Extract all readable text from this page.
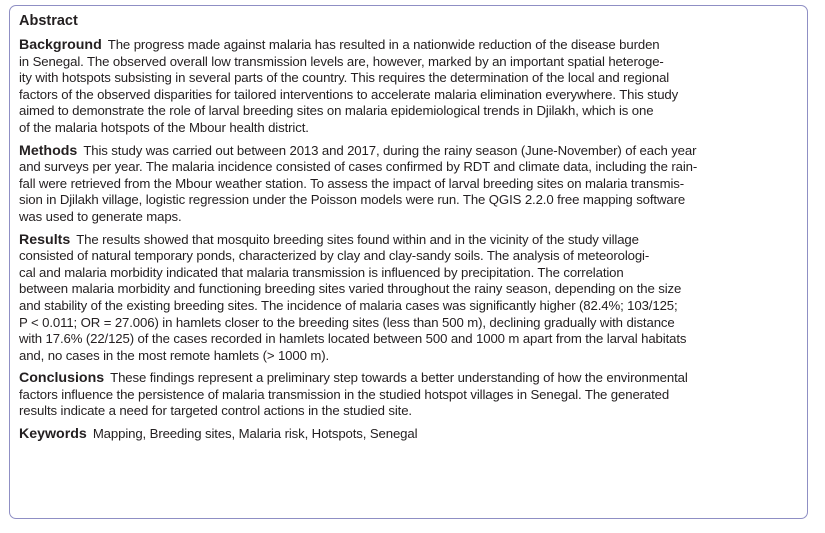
Abstract
Background The progress made against malaria has resulted in a nationwide reduction of the disease burden
in Senegal. The observed overall low transmission levels are, however, marked by an important spatial heteroge-
ity with hotspots subsisting in several parts of the country. This requires the determination of the local and regional
factors of the observed disparities for tailored interventions to accelerate malaria elimination everywhere. This study
aimed to demonstrate the role of larval breeding sites on malaria epidemiological trends in Djilakh, which is one
of the malaria hotspots of the Mbour health district.
Methods This study was carried out between 2013 and 2017, during the rainy season (June-November) of each year
and surveys per year. The malaria incidence consisted of cases confirmed by RDT and climate data, including the rain-
fall were retrieved from the Mbour weather station. To assess the impact of larval breeding sites on malaria transmis-
sion in Djilakh village, logistic regression under the Poisson models were run. The QGIS 2.2.0 free mapping software
was used to generate maps.
Results The results showed that mosquito breeding sites found within and in the vicinity of the study village
consisted of natural temporary ponds, characterized by clay and clay-sandy soils. The analysis of meteorologi-
cal and malaria morbidity indicated that malaria transmission is influenced by precipitation. The correlation
between malaria morbidity and functioning breeding sites varied throughout the rainy season, depending on the size
and stability of the existing breeding sites. The incidence of malaria cases was significantly higher (82.4%; 103/125;
P < 0.011; OR = 27.006) in hamlets closer to the breeding sites (less than 500 m), declining gradually with distance
with 17.6% (22/125) of the cases recorded in hamlets located between 500 and 1000 m apart from the larval habitats
and, no cases in the most remote hamlets (> 1000 m).
Conclusions These findings represent a preliminary step towards a better understanding of how the environmental
factors influence the persistence of malaria transmission in the studied hotspot villages in Senegal. The generated
results indicate a need for targeted control actions in the studied site.
Keywords Mapping, Breeding sites, Malaria risk, Hotspots, Senegal
